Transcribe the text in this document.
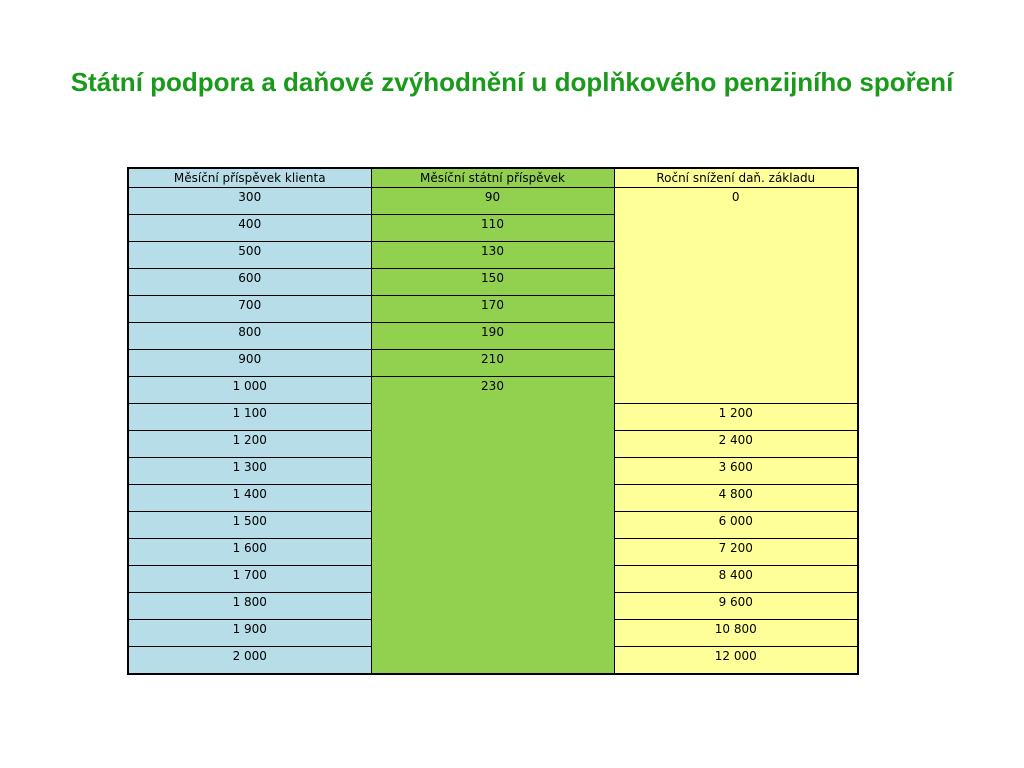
Státní podpora a daňové zvýhodnění u doplňkového penzijního spoření
Měsíční příspěvek klienta	Měsíční státní příspěvek	Roční snížení daň. základu
300	90	0
400	110	
500	130	
600	150	
700	170	
800	190	
900	210	
1 000	230	
1 100		1 200
1 200		2 400
1 300		3 600
1 400		4 800
1 500		6 000
1 600		7 200
1 700		8 400
1 800		9 600
1 900		10 800
2 000		12 000
